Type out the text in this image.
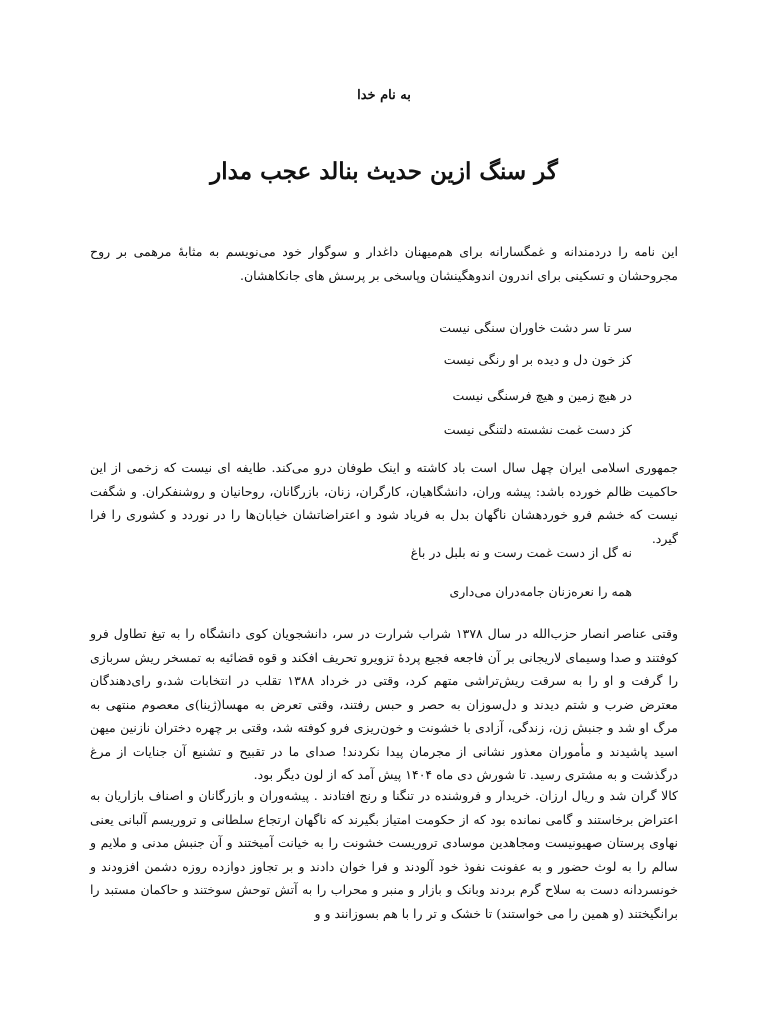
به نام خدا
گر سنگ ازین حدیث بنالد عجب مدار

این نامه را دردمندانه و غمگسارانه برای هم‌میهنان داغدار و سوگوار خود می‌نویسم به مثابهٔ مرهمی بر روح مجروحشان و تسکینی برای اندرون اندوهگینشان وپاسخی بر پرسش های جانکاهشان.

سر تا سر دشت خاوران سنگی نیست
کز خون دل و دیده بر او رنگی نیست
در هیچ زمین و هیچ فرسنگی نیست
کز دست غمت نشسته دلتنگی نیست

جمهوری اسلامی ایران چهل سال است باد کاشته و اینک طوفان درو می‌کند. طایفه ای نیست که زخمی از این حاکمیت ظالم خورده باشد: پیشه وران، دانشگاهیان، کارگران، زنان، بازرگانان، روحانیان و روشنفکران. و شگفت نیست که خشم فرو خوردهشان ناگهان بدل به فریاد شود و اعتراضاتشان خیابان‌ها را در نوردد و کشوری را فرا گیرد.

نه گل از دست غمت رست و نه بلبل در باغ
همه را نعره‌زنان جامه‌دران می‌داری

وقتی عناصر انصار حزب‌الله در سال ۱۳۷۸ شراب شرارت در سر، دانشجویان کوی دانشگاه را به تیغ تطاول فرو کوفتند و صدا وسیمای لاریجانی بر آن فاجعه فجیع پردهٔ تزویرو تحریف افکند و قوه قضائیه به تمسخر ریش سربازی را گرفت و او را به سرقت ریش‌تراشی متهم کرد، وقتی در خرداد ۱۳۸۸ تقلب در انتخابات شد،و رای‌دهندگان معترض ضرب و شتم دیدند و دل‌سوزان به حصر و حبس رفتند، وقتی تعرض به مهسا(ژینا)ی معصوم منتهی به مرگ او شد و جنبش زن، زندگی، آزادی با خشونت و خون‌ریزی فرو کوفته شد، وقتی بر چهره دختران نازنین میهن اسید پاشیدند و مأموران معذور نشانی از مجرمان پیدا نکردند! صدای ما در تقبیح و تشنیع آن جنایات از مرغ درگذشت و به مشتری رسید. تا شورش دی ماه ۱۴۰۴ پیش آمد که از لون دیگر بود.

کالا گران شد و ریال ارزان. خریدار و فروشنده در تنگنا و رنج افتادند . پیشه‌وران و بازرگانان و اصناف بازاریان به اعتراض برخاستند و گامی نمانده بود که از حکومت امتیاز بگیرند که ناگهان ارتجاع سلطانی و تروریسم آلبانی یعنی نهاوی پرستان صهیونیست ومجاهدین موسادی تروریست خشونت را به خیانت آمیختند و آن جنبش مدنی و ملایم و سالم را به لوث حضور و به عفونت نفوذ خود آلودند و فرا خوان دادند و بر تجاوز دوازده روزه دشمن افزودند و خونسردانه دست به سلاح گرم بردند وبانک و بازار و منبر و محراب را به آتش توحش سوختند و حاکمان مستبد را برانگیختند (و همین را می خواستند) تا خشک و تر را با هم بسوزانند و و
